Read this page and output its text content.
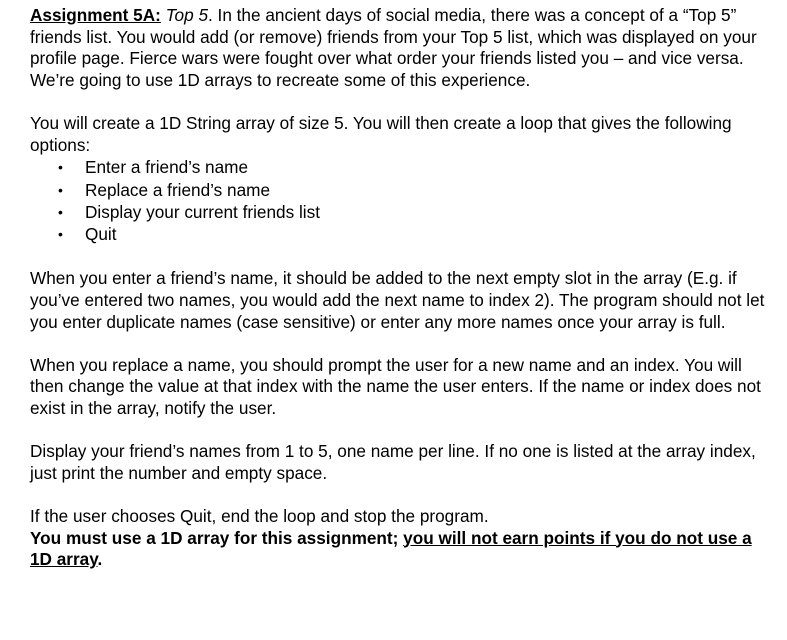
Assignment 5A: Top 5. In the ancient days of social media, there was a concept of a “Top 5” friends list. You would add (or remove) friends from your Top 5 list, which was displayed on your profile page. Fierce wars were fought over what order your friends listed you – and vice versa. We’re going to use 1D arrays to recreate some of this experience.

You will create a 1D String array of size 5. You will then create a loop that gives the following options:

• Enter a friend’s name
• Replace a friend’s name
• Display your current friends list
• Quit

When you enter a friend’s name, it should be added to the next empty slot in the array (E.g. if you’ve entered two names, you would add the next name to index 2). The program should not let you enter duplicate names (case sensitive) or enter any more names once your array is full.

When you replace a name, you should prompt the user for a new name and an index. You will then change the value at that index with the name the user enters. If the name or index does not exist in the array, notify the user.

Display your friend’s names from 1 to 5, one name per line. If no one is listed at the array index, just print the number and empty space.

If the user chooses Quit, end the loop and stop the program.

You must use a 1D array for this assignment; you will not earn points if you do not use a 1D array.
